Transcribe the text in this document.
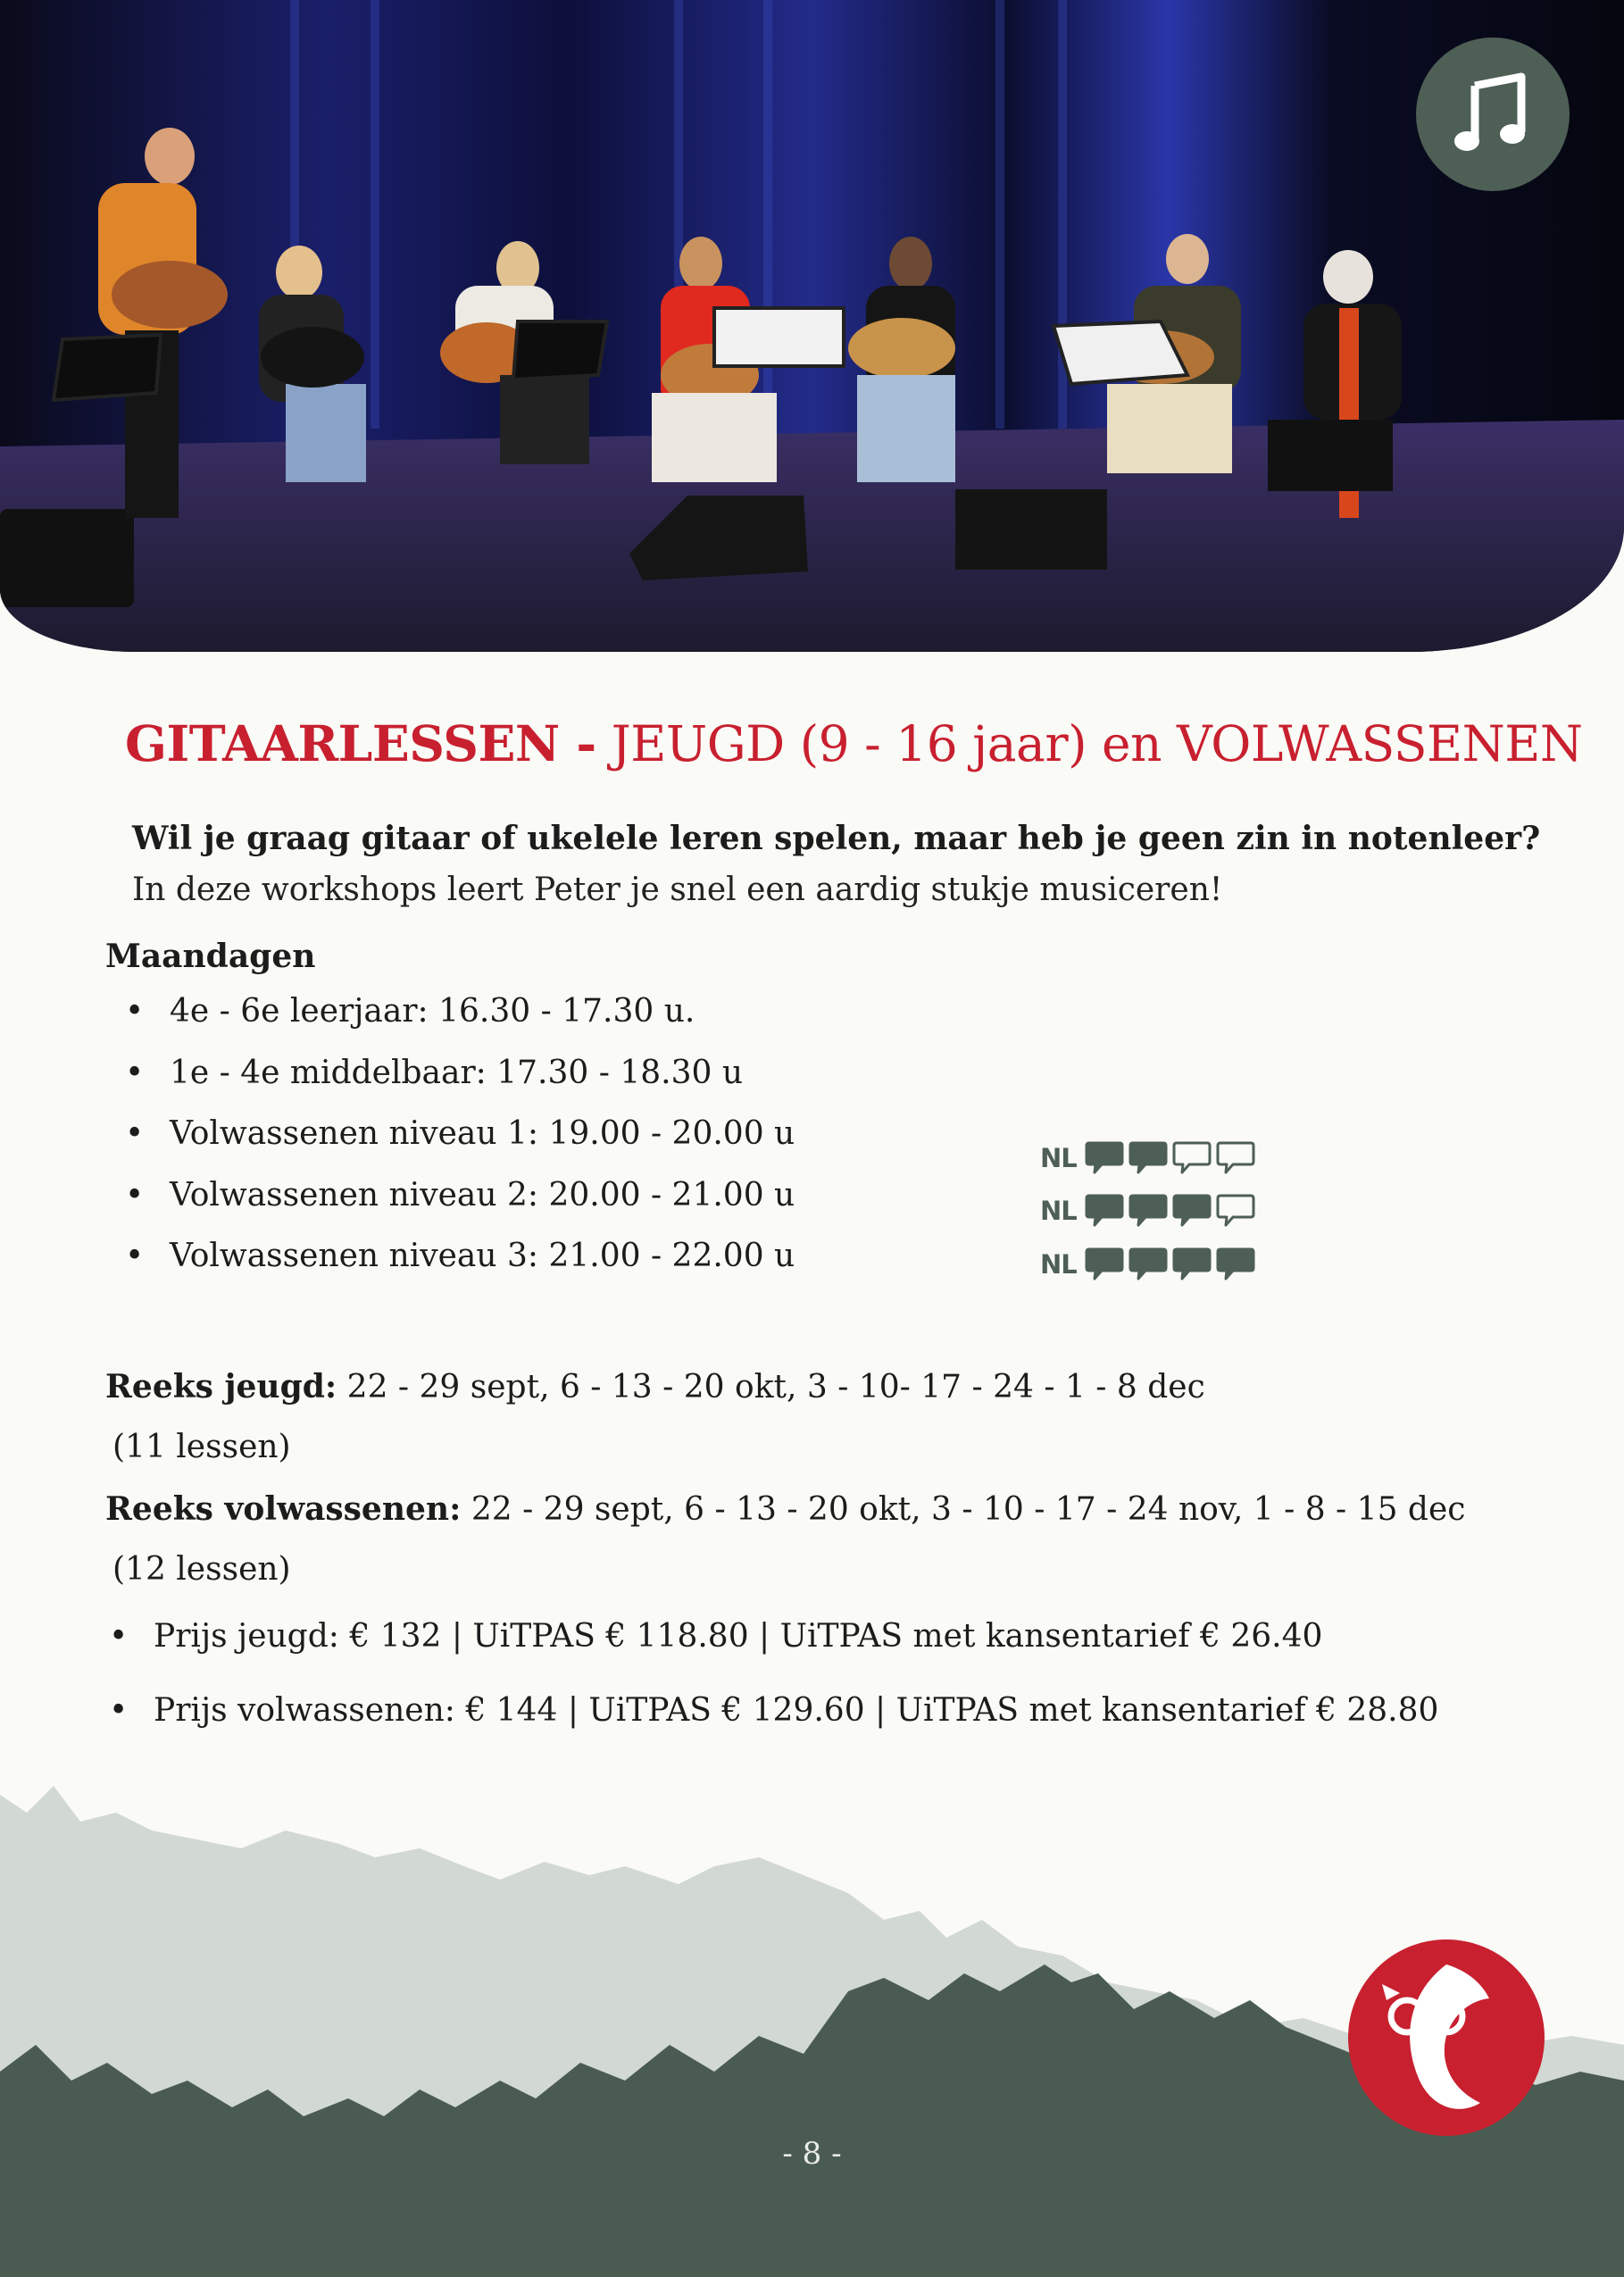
GITAARLESSEN - JEUGD (9 - 16 jaar) en VOLWASSENEN
Wil je graag gitaar of ukelele leren spelen, maar heb je geen zin in notenleer?
In deze workshops leert Peter je snel een aardig stukje musiceren!
Maandagen
• 4e - 6e leerjaar: 16.30 - 17.30 u.
• 1e - 4e middelbaar: 17.30 - 18.30 u
• Volwassenen niveau 1: 19.00 - 20.00 u
• Volwassenen niveau 2: 20.00 - 21.00 u
• Volwassenen niveau 3: 21.00 - 22.00 u
NL
NL
NL
Reeks jeugd: 22 - 29 sept, 6 - 13 - 20 okt, 3 - 10- 17 - 24 - 1 - 8 dec
(11 lessen)
Reeks volwassenen: 22 - 29 sept, 6 - 13 - 20 okt, 3 - 10 - 17 - 24 nov, 1 - 8 - 15 dec
(12 lessen)
• Prijs jeugd: € 132 | UiTPAS € 118.80 | UiTPAS met kansentarief € 26.40
• Prijs volwassenen: € 144 | UiTPAS € 129.60 | UiTPAS met kansentarief € 28.80
- 8 -
